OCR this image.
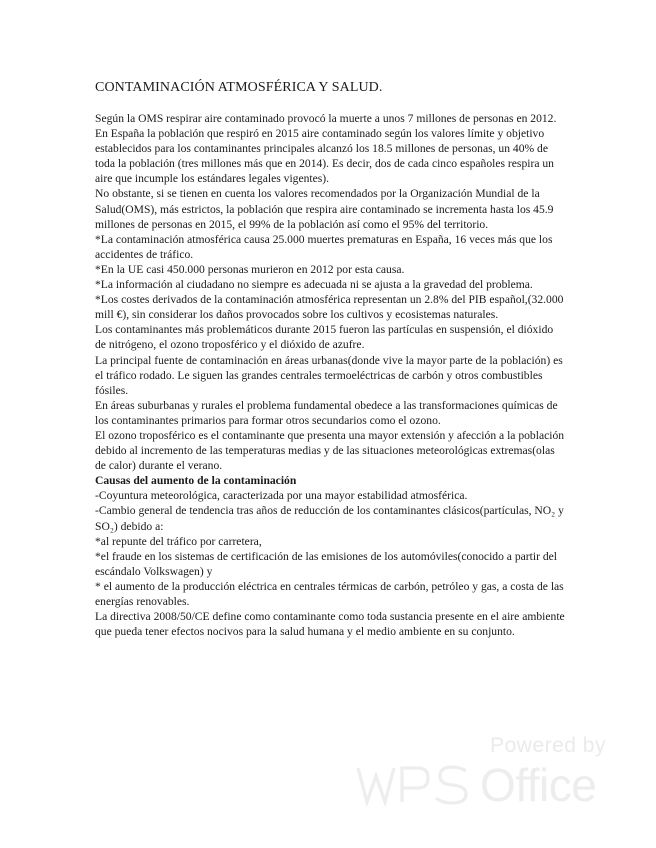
CONTAMINACIÓN ATMOSFÉRICA Y SALUD.

Según la OMS respirar aire contaminado provocó la muerte a unos 7 millones de personas en 2012. En España la población que respiró en 2015 aire contaminado según los valores límite y objetivo establecidos para los contaminantes principales alcanzó los 18.5 millones de personas, un 40% de toda la población (tres millones más que en 2014). Es decir, dos de cada cinco españoles respira un aire que incumple los estándares legales vigentes).

No obstante, si se tienen en cuenta los valores recomendados por la Organización Mundial de la Salud(OMS), más estrictos, la población que respira aire contaminado se incrementa hasta los 45.9 millones de personas en 2015, el 99% de la población así como el 95% del territorio.

*La contaminación atmosférica causa 25.000 muertes prematuras en España, 16 veces más que los accidentes de tráfico.

*En la UE casi 450.000 personas murieron en 2012 por esta causa.

*La información al ciudadano no siempre es adecuada ni se ajusta a la gravedad del problema.

*Los costes derivados de la contaminación atmosférica representan un 2.8% del PIB español,(32.000 mill €), sin considerar los daños provocados sobre los cultivos y ecosistemas naturales.

Los contaminantes más problemáticos durante 2015 fueron las partículas en suspensión, el dióxido de nitrógeno, el ozono troposférico y el dióxido de azufre.

La principal fuente de contaminación en áreas urbanas(donde vive la mayor parte de la población) es el tráfico rodado. Le siguen las grandes centrales termoeléctricas de carbón y otros combustibles fósiles.

En áreas suburbanas y rurales el problema fundamental obedece a las transformaciones químicas de los contaminantes primarios para formar otros secundarios como el ozono.

El ozono troposférico es el contaminante que presenta una mayor extensión y afección a la población debido al incremento de las temperaturas medias y de las situaciones meteorológicas extremas(olas de calor) durante el verano.

Causas del aumento de la contaminación

-Coyuntura meteorológica, caracterizada por una mayor estabilidad atmosférica.

-Cambio general de tendencia tras años de reducción de los contaminantes clásicos(partículas, NO₂ y SO₂) debido a:

*al repunte del tráfico por carretera,

*el fraude en los sistemas de certificación de las emisiones de los automóviles(conocido a partir del escándalo Volkswagen) y

* el aumento de la producción eléctrica en centrales térmicas de carbón, petróleo y gas, a costa de las energías renovables.

La directiva 2008/50/CE define como contaminante como toda sustancia presente en el aire ambiente que pueda tener efectos nocivos para la salud humana y el medio ambiente en su conjunto.

Powered by
Office
